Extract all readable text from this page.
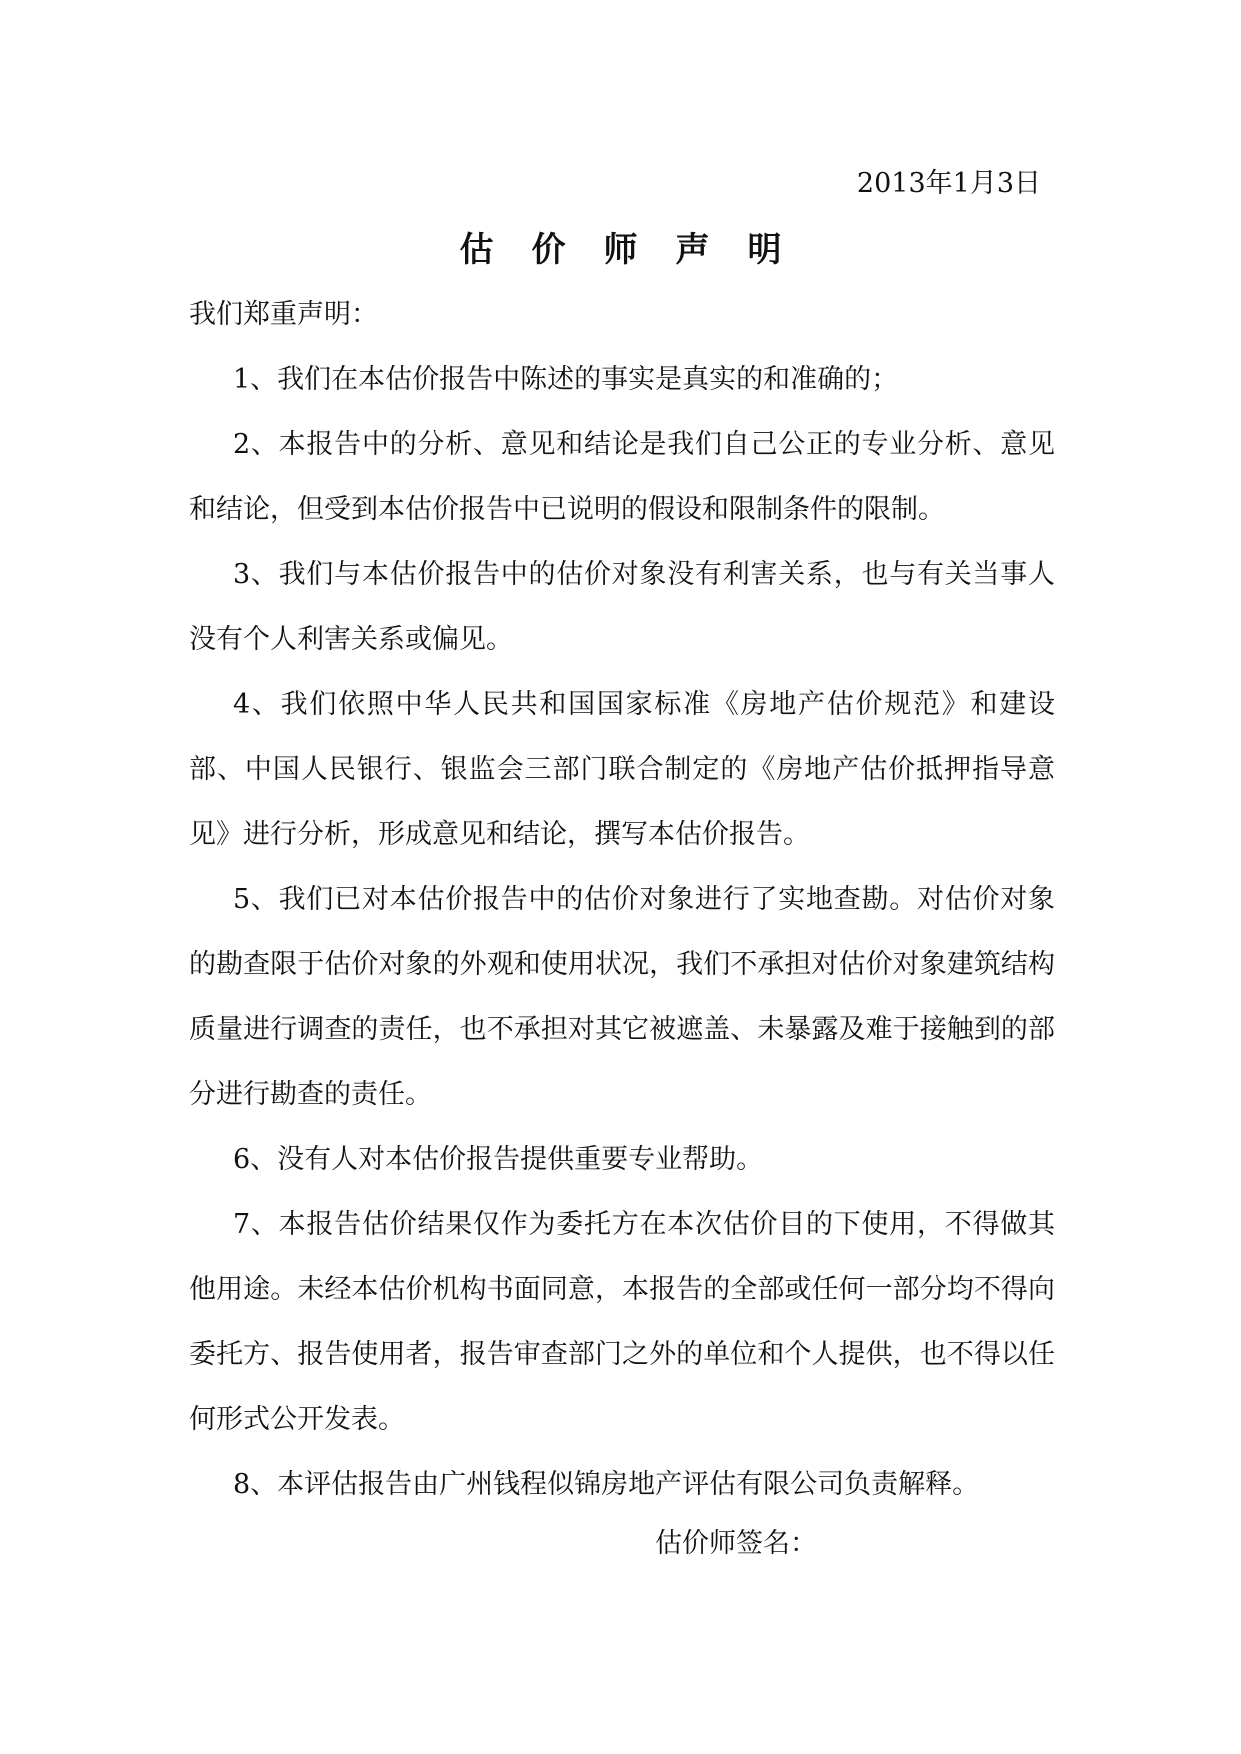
2013年1月3日
估价师声明

我们郑重声明：

1、我们在本估价报告中陈述的事实是真实的和准确的；

2、本报告中的分析、意见和结论是我们自己公正的专业分析、意见和结论，但受到本估价报告中已说明的假设和限制条件的限制。

3、我们与本估价报告中的估价对象没有利害关系，也与有关当事人没有个人利害关系或偏见。

4、我们依照中华人民共和国国家标准《房地产估价规范》和建设部、中国人民银行、银监会三部门联合制定的《房地产估价抵押指导意见》进行分析，形成意见和结论，撰写本估价报告。

5、我们已对本估价报告中的估价对象进行了实地查勘。对估价对象的勘查限于估价对象的外观和使用状况，我们不承担对估价对象建筑结构质量进行调查的责任，也不承担对其它被遮盖、未暴露及难于接触到的部分进行勘查的责任。

6、没有人对本估价报告提供重要专业帮助。

7、本报告估价结果仅作为委托方在本次估价目的下使用，不得做其他用途。未经本估价机构书面同意，本报告的全部或任何一部分均不得向委托方、报告使用者，报告审查部门之外的单位和个人提供，也不得以任何形式公开发表。

8、本评估报告由广州钱程似锦房地产评估有限公司负责解释。

估价师签名：
